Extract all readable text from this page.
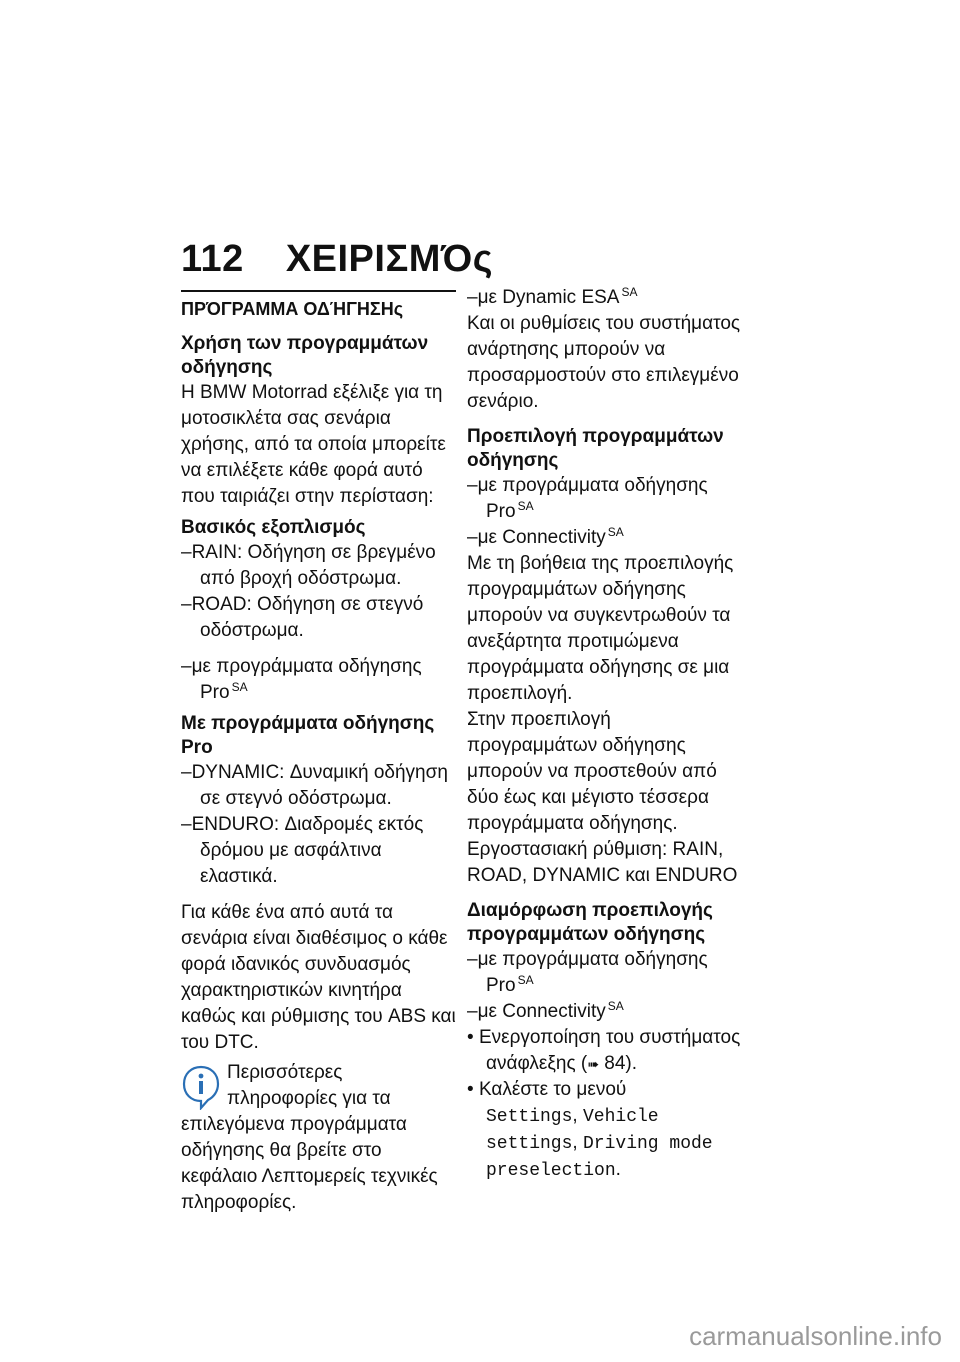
112 ΧΕΙΡΙΣΜΌς
ΠΡΌΓΡΑΜΜΑ ΟΔΉΓΗΣΗς
Χρήση των προγραμμάτων οδήγησης

Η BMW Motorrad εξέλιξε για τη μοτοσικλέτα σας σενάρια χρήσης, από τα οποία μπορείτε να επιλέξετε κάθε φορά αυτό που ταιριάζει στην περίσταση:

Βασικός εξοπλισμός

–RAIN: Οδήγηση σε βρεγμένο από βροχή οδόστρωμα.

–ROAD: Οδήγηση σε στεγνό οδόστρωμα.

–με προγράμματα οδήγησης Pro $^{SA}$

Με προγράμματα οδήγησης Pro

–DYNAMIC: Δυναμική οδήγηση σε στεγνό οδόστρωμα.

–ENDURO: Διαδρομές εκτός δρόμου με ασφάλτινα ελαστικά.

Για κάθε ένα από αυτά τα σενάρια είναι διαθέσιμος ο κάθε φορά ιδανικός συνδυασμός χαρακτηριστικών κινητήρα καθώς και ρύθμισης του ABS και του DTC.

Περισσότερες πληροφορίες για τα επιλεγόμενα προγράμματα οδήγησης θα βρείτε στο κεφάλαιο Λεπτομερείς τεχνικές πληροφορίες.

–με Dynamic ESA $^{SA}$

Και οι ρυθμίσεις του συστήματος ανάρτησης μπορούν να προσαρμοστούν στο επιλεγμένο σενάριο.

Προεπιλογή προγραμμάτων οδήγησης

–με προγράμματα οδήγησης Pro $^{SA}$

–με Connectivity $^{SA}$

Με τη βοήθεια της προεπιλογής προγραμμάτων οδήγησης μπορούν να συγκεντρωθούν τα ανεξάρτητα προτιμώμενα προγράμματα οδήγησης σε μια προεπιλογή.

Στην προεπιλογή προγραμμάτων οδήγησης μπορούν να προστεθούν από δύο έως και μέγιστο τέσσερα προγράμματα οδήγησης.

Εργοστασιακή ρύθμιση: RAIN, ROAD, DYNAMIC και ENDURO

Διαμόρφωση προεπιλογής προγραμμάτων οδήγησης

–με προγράμματα οδήγησης Pro $^{SA}$

–με Connectivity $^{SA}$

• Ενεργοποίηση του συστήματος ανάφλεξης (➠ 84).

• Καλέστε το μενού
Settings, Vehicle settings, Driving mode preselection.

carmanualsonline.info
